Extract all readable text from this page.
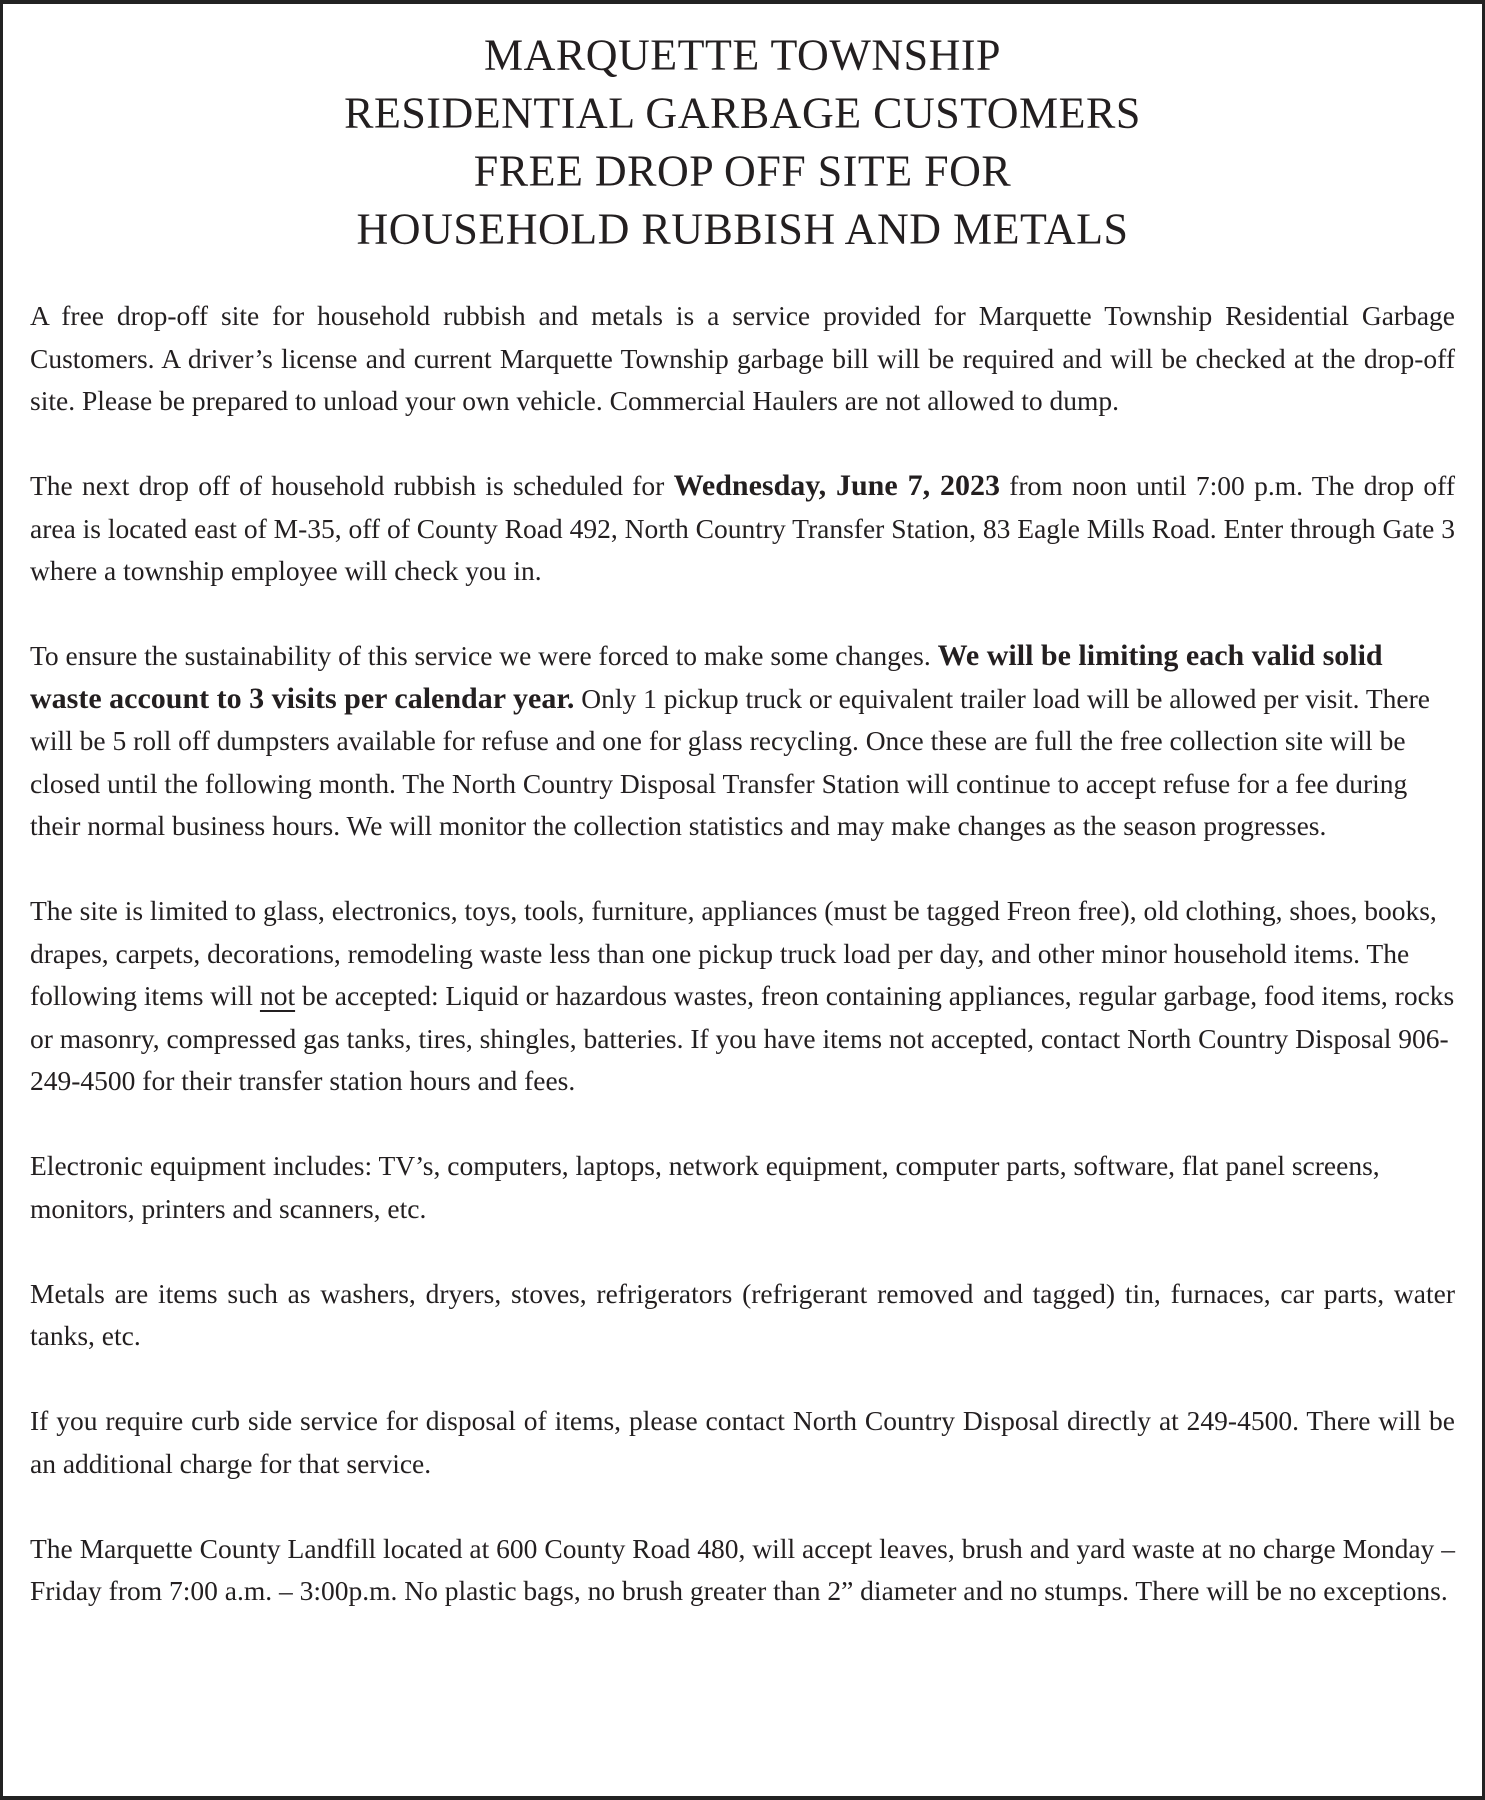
MARQUETTE TOWNSHIP
RESIDENTIAL GARBAGE CUSTOMERS
FREE DROP OFF SITE FOR
HOUSEHOLD RUBBISH AND METALS

A free drop-off site for household rubbish and metals is a service provided for Marquette Township Residential Garbage Customers. A driver’s license and current Marquette Township garbage bill will be required and will be checked at the drop-off site. Please be prepared to unload your own vehicle. Commercial Haulers are not allowed to dump.

The next drop off of household rubbish is scheduled for Wednesday, June 7, 2023 from noon until 7:00 p.m. The drop off area is located east of M-35, off of County Road 492, North Country Transfer Station, 83 Eagle Mills Road. Enter through Gate 3 where a township employee will check you in.

To ensure the sustainability of this service we were forced to make some changes. We will be limiting each valid solid waste account to 3 visits per calendar year. Only 1 pickup truck or equivalent trailer load will be allowed per visit. There will be 5 roll off dumpsters available for refuse and one for glass recycling. Once these are full the free collection site will be closed until the following month. The North Country Disposal Transfer Station will continue to accept refuse for a fee during their normal business hours. We will monitor the collection statistics and may make changes as the season progresses.

The site is limited to glass, electronics, toys, tools, furniture, appliances (must be tagged Freon free), old clothing, shoes, books, drapes, carpets, decorations, remodeling waste less than one pickup truck load per day, and other minor household items. The following items will not be accepted: Liquid or hazardous wastes, freon containing appliances, regular garbage, food items, rocks or masonry, compressed gas tanks, tires, shingles, batteries. If you have items not accepted, contact North Country Disposal 906-249-4500 for their transfer station hours and fees.

Electronic equipment includes: TV’s, computers, laptops, network equipment, computer parts, software, flat panel screens, monitors, printers and scanners, etc.

Metals are items such as washers, dryers, stoves, refrigerators (refrigerant removed and tagged) tin, furnaces, car parts, water tanks, etc.

If you require curb side service for disposal of items, please contact North Country Disposal directly at 249-4500. There will be an additional charge for that service.

The Marquette County Landfill located at 600 County Road 480, will accept leaves, brush and yard waste at no charge Monday – Friday from 7:00 a.m. – 3:00p.m. No plastic bags, no brush greater than 2” diameter and no stumps. There will be no exceptions.
